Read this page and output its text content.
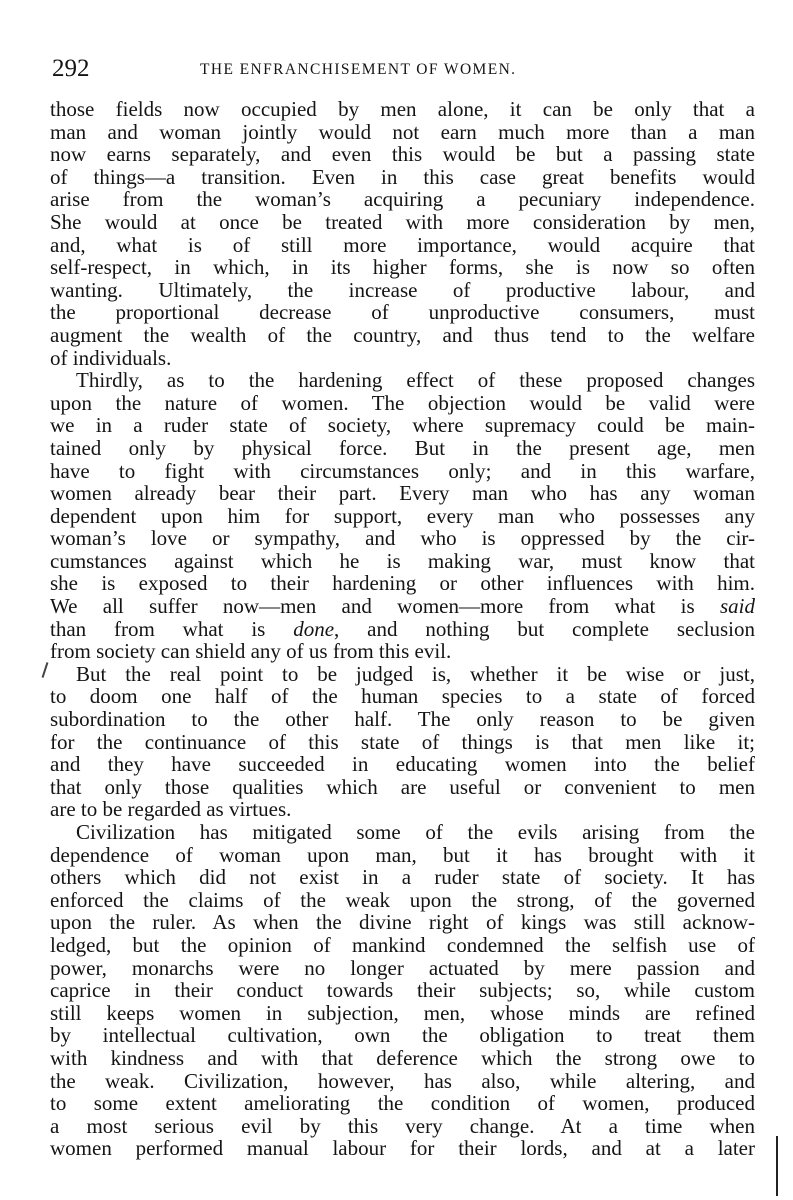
292	THE ENFRANCHISEMENT OF WOMEN.
those fields now occupied by men alone, it can be only that a
man and woman jointly would not earn much more than a man
now earns separately, and even this would be but a passing state
of things—a transition. Even in this case great benefits would
arise from the woman’s acquiring a pecuniary independence.
She would at once be treated with more consideration by men,
and, what is of still more importance, would acquire that
self-respect, in which, in its higher forms, she is now so often
wanting. Ultimately, the increase of productive labour, and
the proportional decrease of unproductive consumers, must
augment the wealth of the country, and thus tend to the welfare
of individuals.
Thirdly, as to the hardening effect of these proposed changes
upon the nature of women. The objection would be valid were
we in a ruder state of society, where supremacy could be main-
tained only by physical force. But in the present age, men
have to fight with circumstances only; and in this warfare,
women already bear their part. Every man who has any woman
dependent upon him for support, every man who possesses any
woman’s love or sympathy, and who is oppressed by the cir-
cumstances against which he is making war, must know that
she is exposed to their hardening or other influences with him.
We all suffer now—men and women—more from what is said
than from what is done, and nothing but complete seclusion
from society can shield any of us from this evil.
But the real point to be judged is, whether it be wise or just,
to doom one half of the human species to a state of forced
subordination to the other half. The only reason to be given
for the continuance of this state of things is that men like it;
and they have succeeded in educating women into the belief
that only those qualities which are useful or convenient to men
are to be regarded as virtues.
Civilization has mitigated some of the evils arising from the
dependence of woman upon man, but it has brought with it
others which did not exist in a ruder state of society. It has
enforced the claims of the weak upon the strong, of the governed
upon the ruler. As when the divine right of kings was still acknow-
ledged, but the opinion of mankind condemned the selfish use of
power, monarchs were no longer actuated by mere passion and
caprice in their conduct towards their subjects; so, while custom
still keeps women in subjection, men, whose minds are refined
by intellectual cultivation, own the obligation to treat them
with kindness and with that deference which the strong owe to
the weak. Civilization, however, has also, while altering, and
to some extent ameliorating the condition of women, produced
a most serious evil by this very change. At a time when
women performed manual labour for their lords, and at a later
